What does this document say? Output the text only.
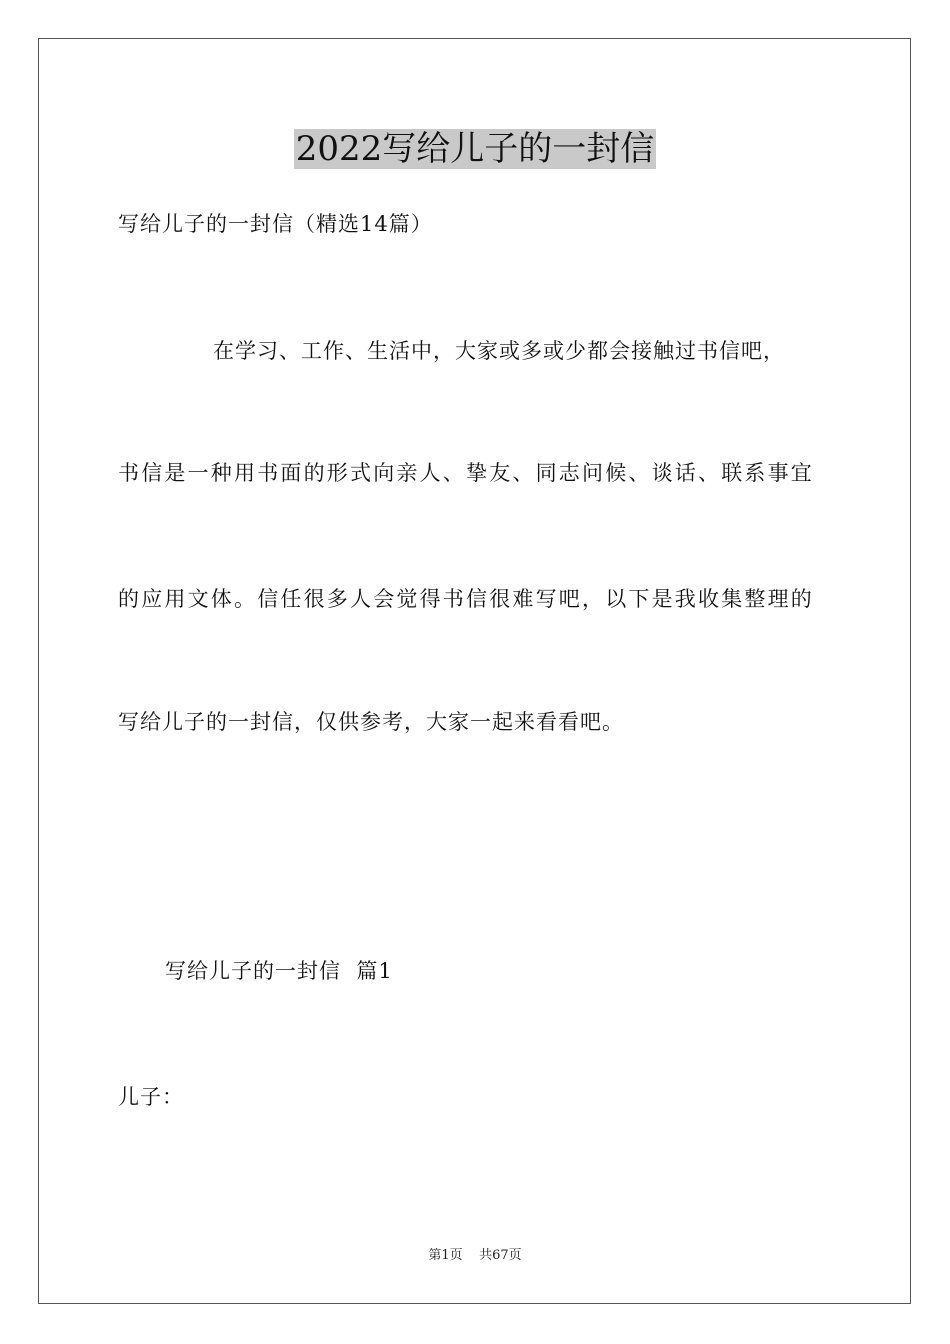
2022写给儿子的一封信
写给儿子的一封信（精选14篇）
在学习、工作、生活中，大家或多或少都会接触过书信吧，
书信是一种用书面的形式向亲人、挚友、同志问候、谈话、联系事宜
的应用文体。信任很多人会觉得书信很难写吧，以下是我收集整理的
写给儿子的一封信，仅供参考，大家一起来看看吧。
写给儿子的一封信  篇1
儿子：
第1页    共67页
